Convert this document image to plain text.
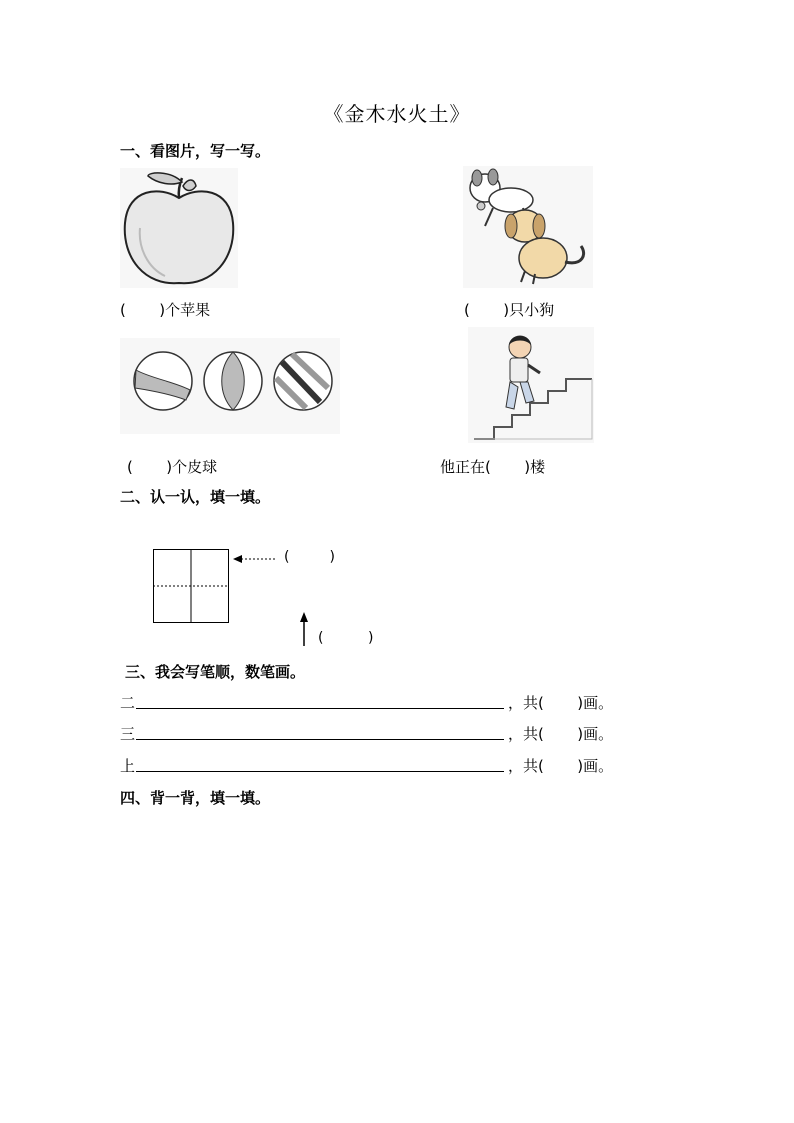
《金木水火土》
一、看图片，写一写。
(       )个苹果	(       )只小狗
(       )个皮球	他正在(       )楼
二、认一认，填一填。
(         )
(          )
三、我会写笔顺，数笔画。
二	，共(       )画。
三	，共(       )画。
上	，共(       )画。
四、背一背，填一填。
